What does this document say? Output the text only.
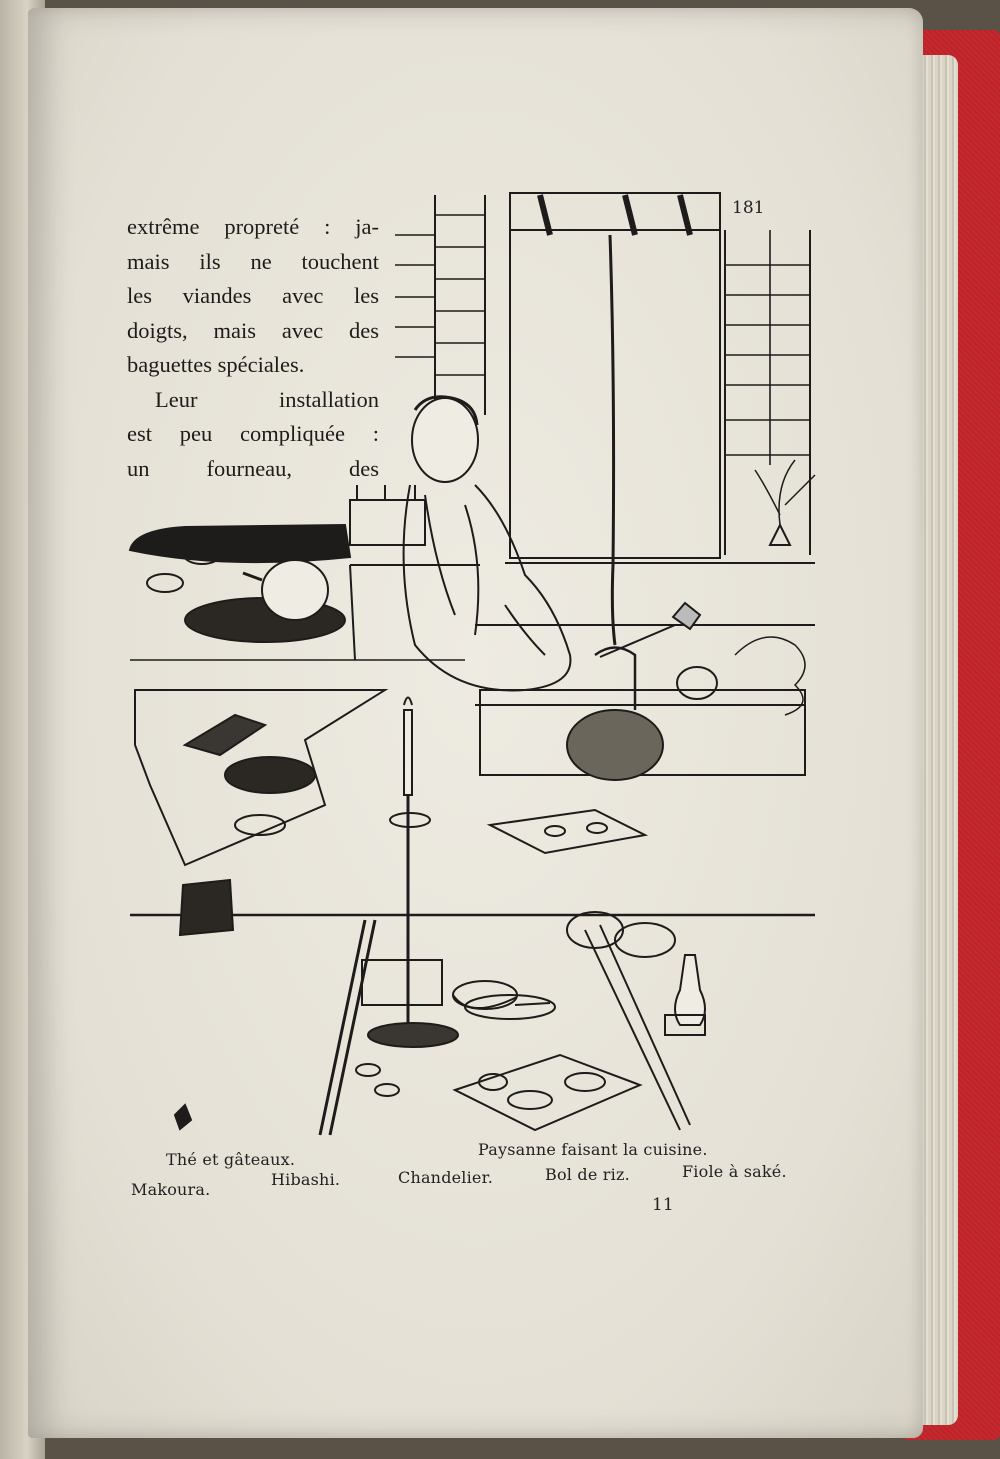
181
extrême propreté : ja-
mais ils ne touchent
les viandes avec les
doigts, mais avec des
baguettes spéciales.
Leur installation
est peu compliquée :
un fourneau, des
Thé et gâteaux.
Paysanne faisant la cuisine.
Makoura.
Hibashi.	Chandelier.	Bol de riz.	Fiole à saké.
11
